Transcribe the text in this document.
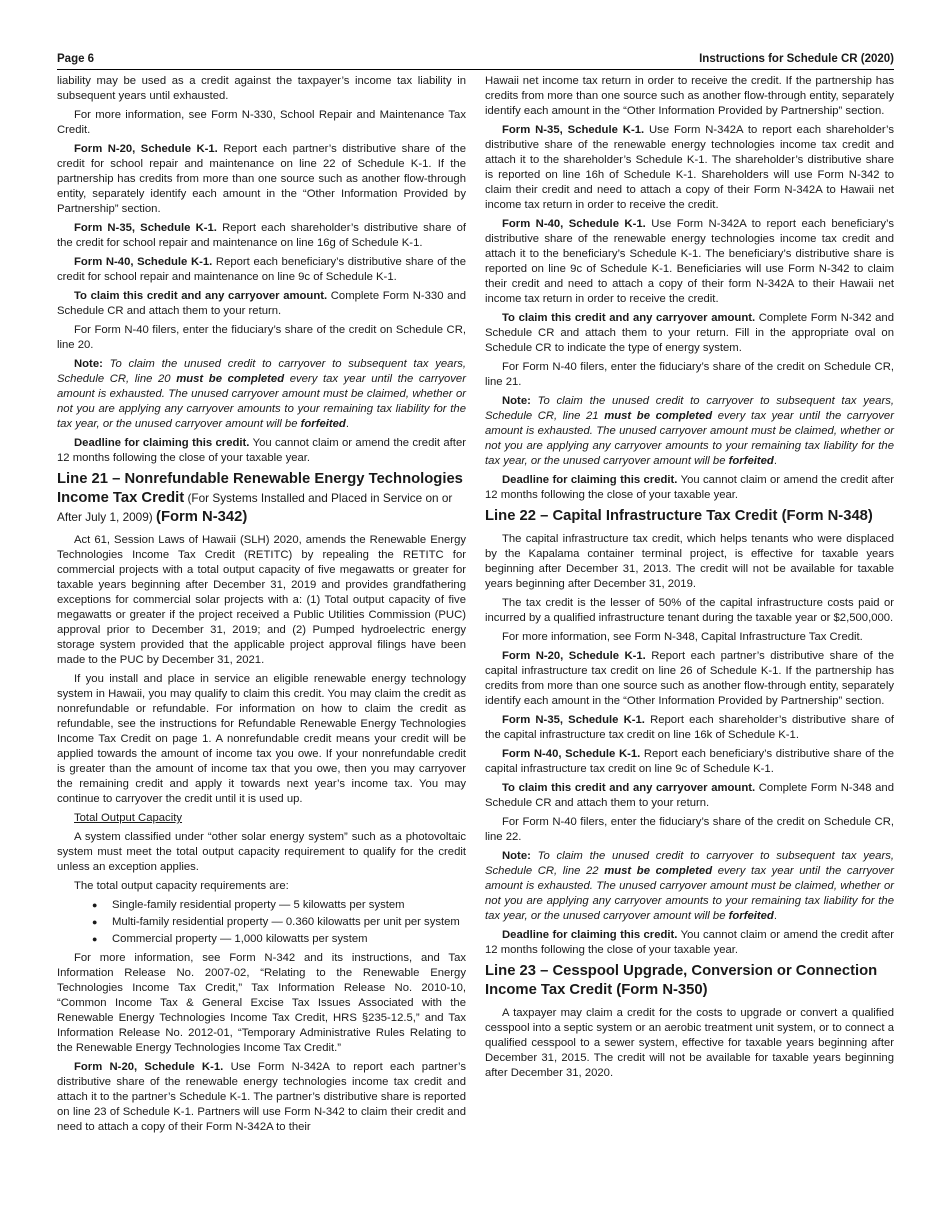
Page 6	Instructions for Schedule CR (2020)

liability may be used as a credit against the taxpayer’s income tax liability in subsequent years until exhausted.

For more information, see Form N-330, School Repair and Maintenance Tax Credit.

Form N-20, Schedule K-1. Report each partner’s distributive share of the credit for school repair and maintenance on line 22 of Schedule K-1. If the partnership has credits from more than one source such as another flow-through entity, separately identify each amount in the “Other Information Provided by Partnership” section.

Form N-35, Schedule K-1. Report each shareholder’s distributive share of the credit for school repair and maintenance on line 16g of Schedule K-1.

Form N-40, Schedule K-1. Report each beneficiary’s distributive share of the credit for school repair and maintenance on line 9c of Schedule K-1.

To claim this credit and any carryover amount. Complete Form N-330 and Schedule CR and attach them to your return.

For Form N-40 filers, enter the fiduciary’s share of the credit on Schedule CR, line 20.

Note: To claim the unused credit to carryover to subsequent tax years, Schedule CR, line 20 must be completed every tax year until the carryover amount is exhausted. The unused carryover amount must be claimed, whether or not you are applying any carryover amounts to your remaining tax liability for the tax year, or the unused carryover amount will be forfeited.

Deadline for claiming this credit. You cannot claim or amend the credit after 12 months following the close of your taxable year.

Line 21 – Nonrefundable Renewable Energy Technologies Income Tax Credit (For Systems Installed and Placed in Service on or After July 1, 2009) (Form N-342)

Act 61, Session Laws of Hawaii (SLH) 2020, amends the Renewable Energy Technologies Income Tax Credit (RETITC) by repealing the RETITC for commercial projects with a total output capacity of five megawatts or greater for taxable years beginning after December 31, 2019 and provides grandfathering exceptions for commercial solar projects with a: (1) Total output capacity of five megawatts or greater if the project received a Public Utilities Commission (PUC) approval prior to December 31, 2019; and (2) Pumped hydroelectric energy storage system provided that the applicable project approval filings have been made to the PUC by December 31, 2021.

If you install and place in service an eligible renewable energy technology system in Hawaii, you may qualify to claim this credit. You may claim the credit as nonrefundable or refundable. For information on how to claim the credit as refundable, see the instructions for Refundable Renewable Energy Technologies Income Tax Credit on page 1. A nonrefundable credit means your credit will be applied towards the amount of income tax you owe. If your nonrefundable credit is greater than the amount of income tax that you owe, then you may carryover the remaining credit and apply it towards next year’s income tax. You may continue to carryover the credit until it is used up.

Total Output Capacity

A system classified under “other solar energy system” such as a photovoltaic system must meet the total output capacity requirement to qualify for the credit unless an exception applies.

The total output capacity requirements are:

● Single-family residential property — 5 kilowatts per system
● Multi-family residential property — 0.360 kilowatts per unit per system
● Commercial property — 1,000 kilowatts per system

For more information, see Form N-342 and its instructions, and Tax Information Release No. 2007-02, “Relating to the Renewable Energy Technologies Income Tax Credit,” Tax Information Release No. 2010-10, “Common Income Tax & General Excise Tax Issues Associated with the Renewable Energy Technologies Income Tax Credit, HRS §235-12.5,” and Tax Information Release No. 2012-01, “Temporary Administrative Rules Relating to the Renewable Energy Technologies Income Tax Credit.”

Form N-20, Schedule K-1. Use Form N-342A to report each partner’s distributive share of the renewable energy technologies income tax credit and attach it to the partner’s Schedule K-1. The partner’s distributive share is reported on line 23 of Schedule K-1. Partners will use Form N-342 to claim their credit and need to attach a copy of their Form N-342A to their

Hawaii net income tax return in order to receive the credit. If the partnership has credits from more than one source such as another flow-through entity, separately identify each amount in the “Other Information Provided by Partnership” section.

Form N-35, Schedule K-1. Use Form N-342A to report each shareholder’s distributive share of the renewable energy technologies income tax credit and attach it to the shareholder’s Schedule K-1. The shareholder’s distributive share is reported on line 16h of Schedule K-1. Shareholders will use Form N-342 to claim their credit and need to attach a copy of their Form N-342A to Hawaii net income tax return in order to receive the credit.

Form N-40, Schedule K-1. Use Form N-342A to report each beneficiary’s distributive share of the renewable energy technologies income tax credit and attach it to the beneficiary’s Schedule K-1. The beneficiary’s distributive share is reported on line 9c of Schedule K-1. Beneficiaries will use Form N-342 to claim their credit and need to attach a copy of their form N-342A to their Hawaii net income tax return in order to receive the credit.

To claim this credit and any carryover amount. Complete Form N-342 and Schedule CR and attach them to your return. Fill in the appropriate oval on Schedule CR to indicate the type of energy system.

For Form N-40 filers, enter the fiduciary’s share of the credit on Schedule CR, line 21.

Note: To claim the unused credit to carryover to subsequent tax years, Schedule CR, line 21 must be completed every tax year until the carryover amount is exhausted. The unused carryover amount must be claimed, whether or not you are applying any carryover amounts to your remaining tax liability for the tax year, or the unused carryover amount will be forfeited.

Deadline for claiming this credit. You cannot claim or amend the credit after 12 months following the close of your taxable year.

Line 22 – Capital Infrastructure Tax Credit (Form N-348)

The capital infrastructure tax credit, which helps tenants who were displaced by the Kapalama container terminal project, is effective for taxable years beginning after December 31, 2013. The credit will not be available for taxable years beginning after December 31, 2019.

The tax credit is the lesser of 50% of the capital infrastructure costs paid or incurred by a qualified infrastructure tenant during the taxable year or $2,500,000.

For more information, see Form N-348, Capital Infrastructure Tax Credit.

Form N-20, Schedule K-1. Report each partner’s distributive share of the capital infrastructure tax credit on line 26 of Schedule K-1. If the partnership has credits from more than one source such as another flow-through entity, separately identify each amount in the “Other Information Provided by Partnership” section.

Form N-35, Schedule K-1. Report each shareholder’s distributive share of the capital infrastructure tax credit on line 16k of Schedule K-1.

Form N-40, Schedule K-1. Report each beneficiary’s distributive share of the capital infrastructure tax credit on line 9c of Schedule K-1.

To claim this credit and any carryover amount. Complete Form N-348 and Schedule CR and attach them to your return.

For Form N-40 filers, enter the fiduciary’s share of the credit on Schedule CR, line 22.

Note: To claim the unused credit to carryover to subsequent tax years, Schedule CR, line 22 must be completed every tax year until the carryover amount is exhausted. The unused carryover amount must be claimed, whether or not you are applying any carryover amounts to your remaining tax liability for the tax year, or the unused carryover amount will be forfeited.

Deadline for claiming this credit. You cannot claim or amend the credit after 12 months following the close of your taxable year.

Line 23 – Cesspool Upgrade, Conversion or Connection Income Tax Credit (Form N-350)

A taxpayer may claim a credit for the costs to upgrade or convert a qualified cesspool into a septic system or an aerobic treatment unit system, or to connect a qualified cesspool to a sewer system, effective for taxable years beginning after December 31, 2015. The credit will not be available for taxable years beginning after December 31, 2020.
